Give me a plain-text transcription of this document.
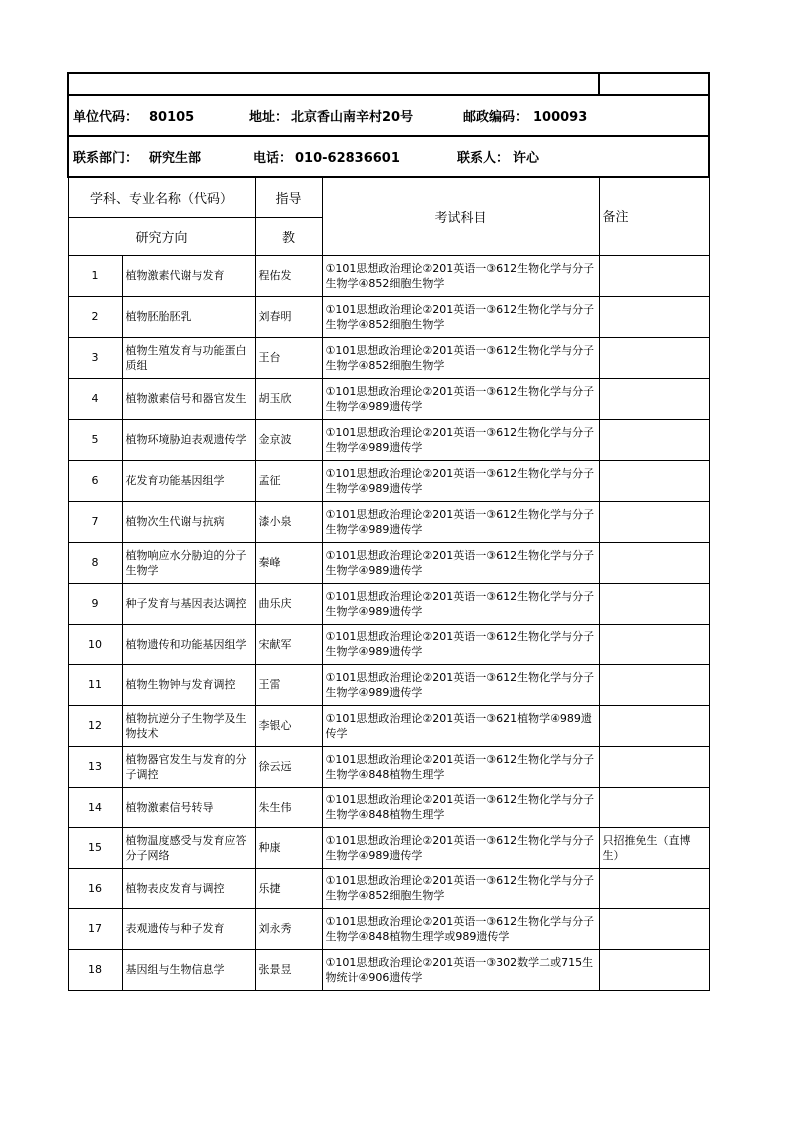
单位代码： 80105 地址： 北京香山南辛村20号 邮政编码： 100093				
联系部门： 研究生部 电话： 010-62836601 联系人： 许心				
学科、专业名称（代码）		指导	考试科目	备注
研究方向		教		
1	植物激素代谢与发育	程佑发	①101思想政治理论②201英语一③612生物化学与分子生物学④852细胞生物学	
2	植物胚胎胚乳	刘春明	①101思想政治理论②201英语一③612生物化学与分子生物学④852细胞生物学	
3	植物生殖发育与功能蛋白质组	王台	①101思想政治理论②201英语一③612生物化学与分子生物学④852细胞生物学	
4	植物激素信号和器官发生	胡玉欣	①101思想政治理论②201英语一③612生物化学与分子生物学④989遗传学	
5	植物环境胁迫表观遗传学	金京波	①101思想政治理论②201英语一③612生物化学与分子生物学④989遗传学	
6	花发育功能基因组学	孟征	①101思想政治理论②201英语一③612生物化学与分子生物学④989遗传学	
7	植物次生代谢与抗病	漆小泉	①101思想政治理论②201英语一③612生物化学与分子生物学④989遗传学	
8	植物响应水分胁迫的分子生物学	秦峰	①101思想政治理论②201英语一③612生物化学与分子生物学④989遗传学	
9	种子发育与基因表达调控	曲乐庆	①101思想政治理论②201英语一③612生物化学与分子生物学④989遗传学	
10	植物遗传和功能基因组学	宋献军	①101思想政治理论②201英语一③612生物化学与分子生物学④989遗传学	
11	植物生物钟与发育调控	王雷	①101思想政治理论②201英语一③612生物化学与分子生物学④989遗传学	
12	植物抗逆分子生物学及生物技术	李银心	①101思想政治理论②201英语一③621植物学④989遗传学	
13	植物器官发生与发育的分子调控	徐云远	①101思想政治理论②201英语一③612生物化学与分子生物学④848植物生理学	
14	植物激素信号转导	朱生伟	①101思想政治理论②201英语一③612生物化学与分子生物学④848植物生理学	
15	植物温度感受与发育应答分子网络	种康	①101思想政治理论②201英语一③612生物化学与分子生物学④989遗传学	只招推免生（直博生）
16	植物表皮发育与调控	乐捷	①101思想政治理论②201英语一③612生物化学与分子生物学④852细胞生物学	
17	表观遗传与种子发育	刘永秀	①101思想政治理论②201英语一③612生物化学与分子生物学④848植物生理学或989遗传学	
18	基因组与生物信息学	张景昱	①101思想政治理论②201英语一③302数学二或715生物统计④906遗传学	
